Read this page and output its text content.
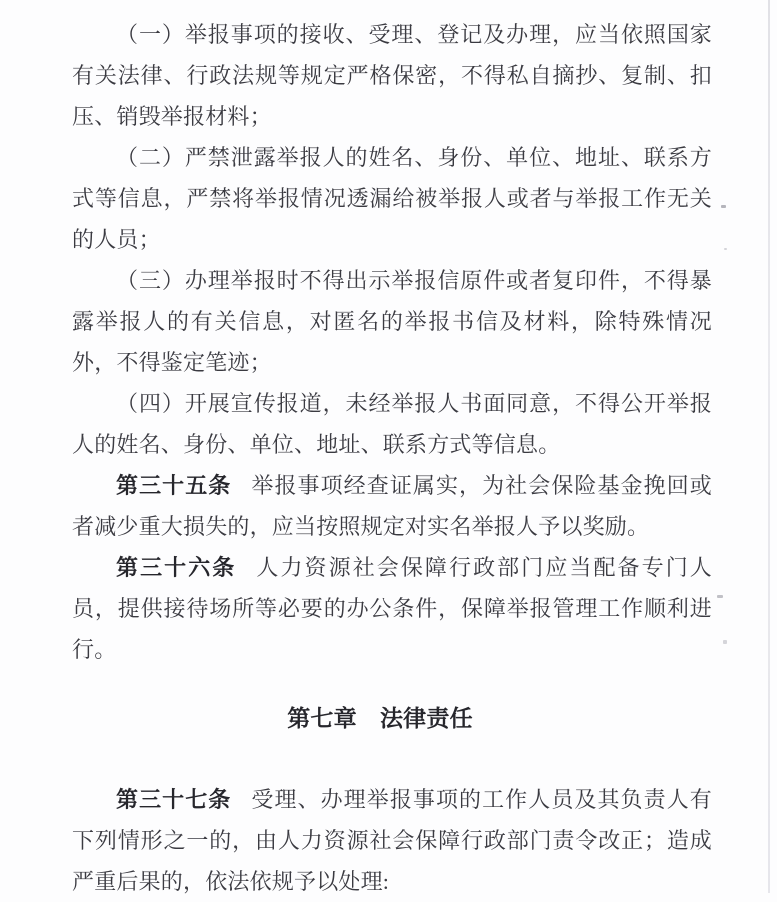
（一）举报事项的接收、受理、登记及办理，应当依照国家有关法律、行政法规等规定严格保密，不得私自摘抄、复制、扣压、销毁举报材料；
（二）严禁泄露举报人的姓名、身份、单位、地址、联系方式等信息，严禁将举报情况透漏给被举报人或者与举报工作无关的人员；
（三）办理举报时不得出示举报信原件或者复印件，不得暴露举报人的有关信息，对匿名的举报书信及材料，除特殊情况外，不得鉴定笔迹；
（四）开展宣传报道，未经举报人书面同意，不得公开举报人的姓名、身份、单位、地址、联系方式等信息。
第三十五条 举报事项经查证属实，为社会保险基金挽回或者减少重大损失的，应当按照规定对实名举报人予以奖励。
第三十六条 人力资源社会保障行政部门应当配备专门人员，提供接待场所等必要的办公条件，保障举报管理工作顺利进行。
第七章　法律责任
第三十七条 受理、办理举报事项的工作人员及其负责人有下列情形之一的，由人力资源社会保障行政部门责令改正；造成严重后果的，依法依规予以处理:
